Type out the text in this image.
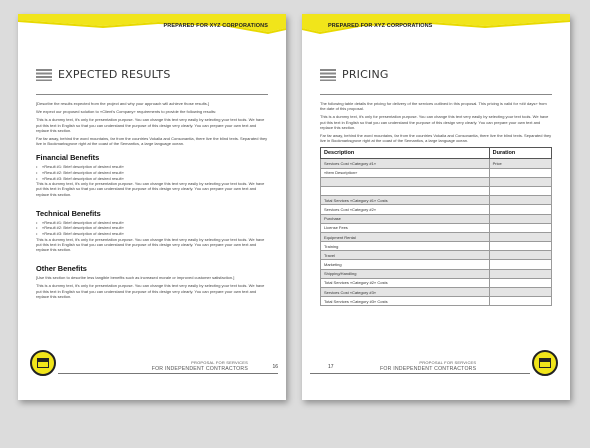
PREPARED FOR XYZ CORPORATIONS
EXPECTED RESULTS

[Describe the results expected from the project and why your approach will achieve those results.]

We expect our proposed solution to «Client's Company» requirements to provide the following results:

This is a dummy text, it's only for presentation purpose. You can change this text very easily by selecting your text tools. We have put this text in English so that you can understand the purpose of this design very clearly. You can prepare your own text and replace this section.

Far far away, behind the word mountains, far from the countries Vokalia and Consonantia, there live the blind texts. Separated they live in Bookmarksgrove right at the coast of the Semantics, a large language ocean.

Financial Benefits
• «Result #1: Brief description of desired result»
• «Result #2: Brief description of desired result»
• «Result #3: Brief description of desired result»

This is a dummy text, it's only for presentation purpose. You can change this text very easily by selecting your text tools. We have put this text in English so that you can understand the purpose of this design very clearly. You can prepare your own text and replace this section.

Technical Benefits
• «Result #1: Brief description of desired result»
• «Result #2: Brief description of desired result»
• «Result #3: Brief description of desired result»

This is a dummy text, it's only for presentation purpose. You can change this text very easily by selecting your text tools. We have put this text in English so that you can understand the purpose of this design very clearly. You can prepare your own text and replace this section.

Other Benefits

[Use this section to describe less tangible benefits such as increased morale or improved customer satisfaction.]

This is a dummy text, it's only for presentation purpose. You can change this text very easily by selecting your text tools. We have put this text in English so that you can understand the purpose of this design very clearly. You can prepare your own text and replace this section.

PROPOSAL FOR SERVICES
FOR INDEPENDENT CONTRACTORS	16
PREPARED FOR XYZ CORPORATIONS
PRICING

The following table details the pricing for delivery of the services outlined in this proposal. This pricing is valid for «## days» from the date of this proposal.

This is a dummy text, it's only for presentation purpose. You can change this text very easily by selecting your text tools. We have put this text in English so that you can understand the purpose of this design very clearly. You can prepare your own text and replace this section.

Far far away, behind the word mountains, far from the countries Vokalia and Consonantia, there live the blind texts. Separated they live in Bookmarksgrove right at the coast of the Semantics, a large language ocean.

Description	Duration
Services Cost «Category #1»	Price
«Item Description»	

Total Services «Category #1» Costs	
Services Cost «Category #2»	
Purchase	
License Fees	
Equipment Rental	
Training	
Travel	
Marketing	
Shipping/Handling	
Total Services «Category #2» Costs	
Services Cost «Category #3»	
Total Services «Category #3» Costs	
PROPOSAL FOR SERVICES
FOR INDEPENDENT CONTRACTORS
17
